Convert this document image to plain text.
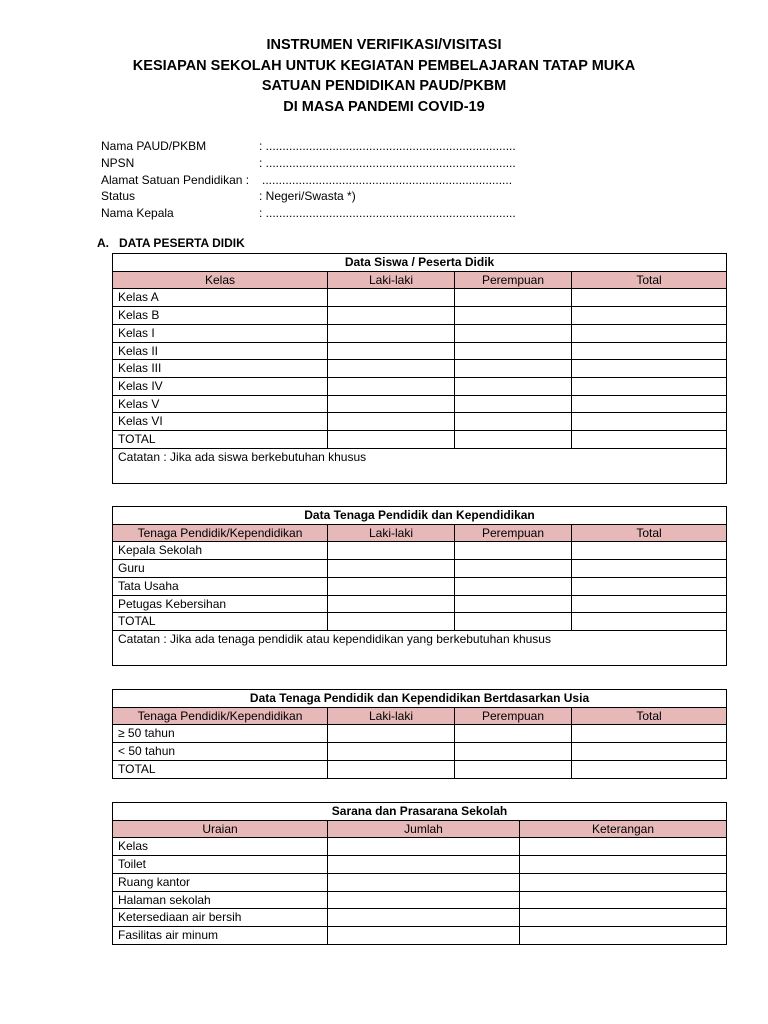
INSTRUMEN VERIFIKASI/VISITASI
KESIAPAN SEKOLAH UNTUK KEGIATAN PEMBELAJARAN TATAP MUKA
SATUAN PENDIDIKAN PAUD/PKBM
DI MASA PANDEMI COVID-19
Nama PAUD/PKBM	: ...........................................................................
NPSN	: ...........................................................................
Alamat Satuan Pendidikan : ...........................................................................
Status	: Negeri/Swasta *)
Nama Kepala	: ...........................................................................
A. DATA PESERTA DIDIK
Data Siswa / Peserta Didik			
Kelas	Laki-laki	Perempuan	Total
Kelas A			
Kelas B			
Kelas I			
Kelas II			
Kelas III			
Kelas IV			
Kelas V			
Kelas VI			
TOTAL			
Catatan : Jika ada siswa berkebutuhan khusus			
Data Tenaga Pendidik dan Kependidikan			
Tenaga Pendidik/Kependidikan	Laki-laki	Perempuan	Total
Kepala Sekolah			
Guru			
Tata Usaha			
Petugas Kebersihan			
TOTAL			
Catatan : Jika ada tenaga pendidik atau kependidikan yang berkebutuhan khusus			
Data Tenaga Pendidik dan Kependidikan Bertdasarkan Usia			
Tenaga Pendidik/Kependidikan	Laki-laki	Perempuan	Total
≥ 50 tahun			
< 50 tahun			
TOTAL			
Sarana dan Prasarana Sekolah		
Uraian	Jumlah	Keterangan
Kelas		
Toilet		
Ruang kantor		
Halaman sekolah		
Ketersediaan air bersih		
Fasilitas air minum		
